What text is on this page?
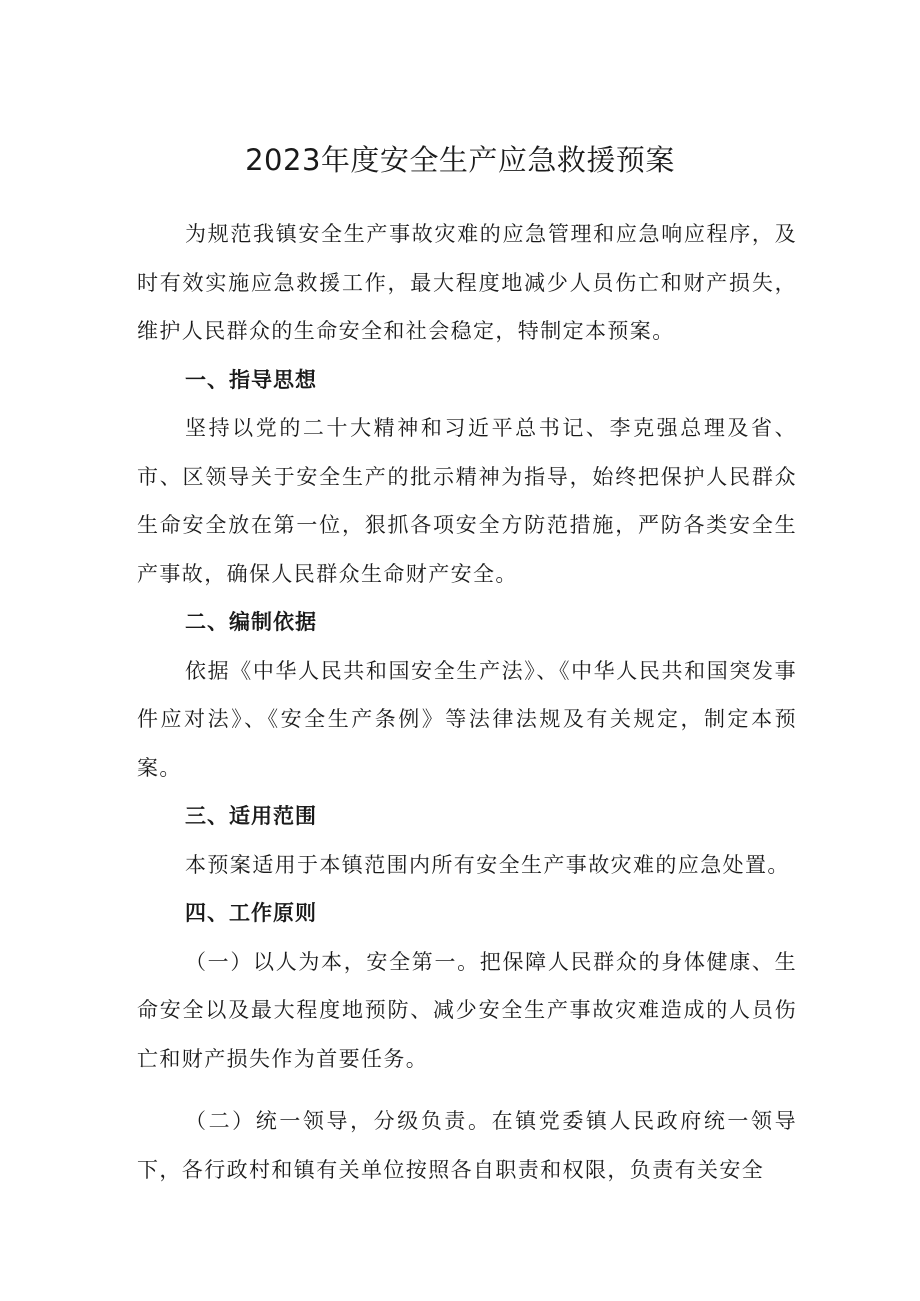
2023年度安全生产应急救援预案

为规范我镇安全生产事故灾难的应急管理和应急响应程序，及时有效实施应急救援工作，最大程度地减少人员伤亡和财产损失，维护人民群众的生命安全和社会稳定，特制定本预案。

一、指导思想

坚持以党的二十大精神和习近平总书记、李克强总理及省、市、区领导关于安全生产的批示精神为指导，始终把保护人民群众生命安全放在第一位，狠抓各项安全方防范措施，严防各类安全生产事故，确保人民群众生命财产安全。

二、编制依据

依据《中华人民共和国安全生产法》、《中华人民共和国突发事件应对法》、《安全生产条例》等法律法规及有关规定，制定本预案。

三、适用范围

本预案适用于本镇范围内所有安全生产事故灾难的应急处置。

四、工作原则

（一）以人为本，安全第一。把保障人民群众的身体健康、生命安全以及最大程度地预防、减少安全生产事故灾难造成的人员伤亡和财产损失作为首要任务。

（二）统一领导，分级负责。在镇党委镇人民政府统一领导下，各行政村和镇有关单位按照各自职责和权限，负责有关安全
